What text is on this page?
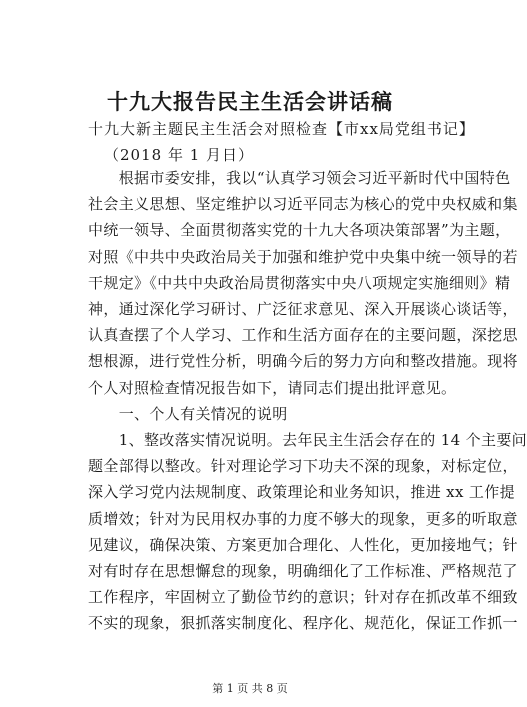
十九大报告民主生活会讲话稿
十九大新主题民主生活会对照检查【市xx局党组书记】
（2018 年 1 月日）
　　根据市委安排，我以“认真学习领会习近平新时代中国特色
社会主义思想、坚定维护以习近平同志为核心的党中央权威和集
中统一领导、全面贯彻落实党的十九大各项决策部署”为主题，
对照《中共中央政治局关于加强和维护党中央集中统一领导的若
干规定》《中共中央政治局贯彻落实中央八项规定实施细则》精
神，通过深化学习研讨、广泛征求意见、深入开展谈心谈话等，
认真查摆了个人学习、工作和生活方面存在的主要问题，深挖思
想根源，进行党性分析，明确今后的努力方向和整改措施。现将
个人对照检查情况报告如下，请同志们提出批评意见。
　　一、个人有关情况的说明
　　1、整改落实情况说明。去年民主生活会存在的 14 个主要问
题全部得以整改。针对理论学习下功夫不深的现象，对标定位，
深入学习党内法规制度、政策理论和业务知识，推进 xx 工作提
质增效；针对为民用权办事的力度不够大的现象，更多的听取意
见建议，确保决策、方案更加合理化、人性化，更加接地气；针
对有时存在思想懈怠的现象，明确细化了工作标准、严格规范了
工作程序，牢固树立了勤俭节约的意识；针对存在抓改革不细致
不实的现象，狠抓落实制度化、程序化、规范化，保证工作抓一
第 1 页 共 8 页
